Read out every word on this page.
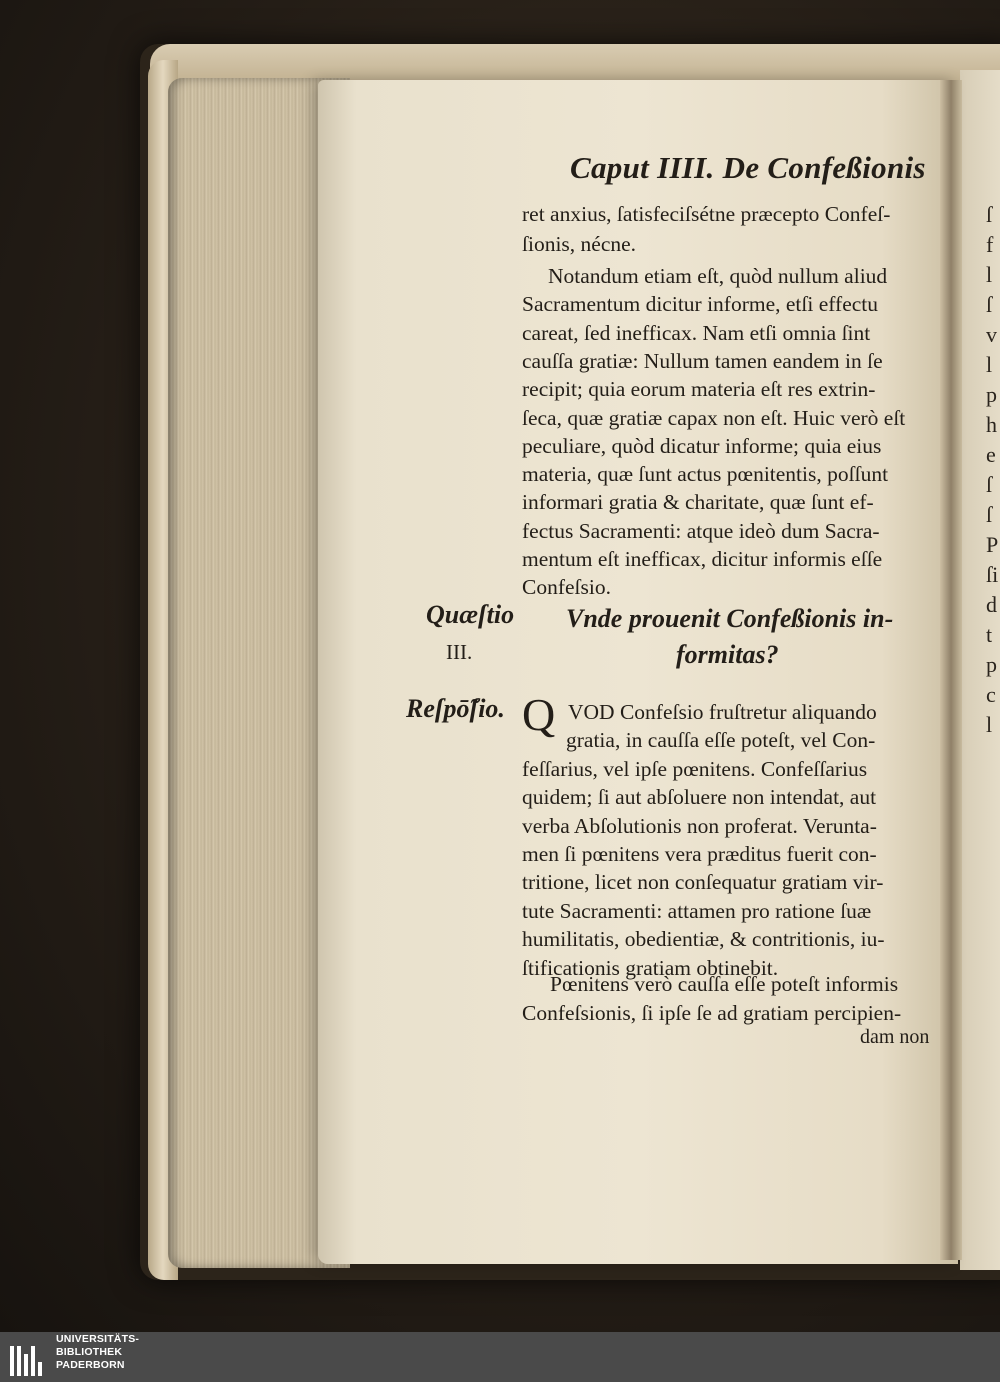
ſ
f
l
ſ
v
l
p
h
e
ſ
ſ
P
ſi
d
t
p
c
l
Caput IIII. De Confeßionis
ret anxius, ſatisfeciſsétne præcepto Confeſ-
ſionis, nécne.
Notandum etiam eſt, quòd nullum aliud
Sacramentum dicitur informe, etſi effectu
careat, ſed inefficax. Nam etſi omnia ſint
cauſſa gratiæ: Nullum tamen eandem in ſe
recipit; quia eorum materia eſt res extrin-
ſeca, quæ gratiæ capax non eſt. Huic verò eſt
peculiare, quòd dicatur informe; quia eius
materia, quæ ſunt actus pœnitentis, poſſunt
informari gratia & charitate, quæ ſunt ef-
fectus Sacramenti: atque ideò dum Sacra-
mentum eſt inefficax, dicitur informis eſſe
Confeſsio.
Quæſtio
III.
Vnde prouenit Confeßionis in-
formitas?
Reſpō̃ſio. Q VOD Confeſsio fruſtretur aliquando
gratia, in cauſſa eſſe poteſt, vel Con-
feſſarius, vel ipſe pœnitens. Confeſſarius
quidem; ſi aut abſoluere non intendat, aut
verba Abſolutionis non proferat. Verunta-
men ſi pœnitens vera præditus fuerit con-
tritione, licet non conſequatur gratiam vir-
tute Sacramenti: attamen pro ratione ſuæ
humilitatis, obedientiæ, & contritionis, iu-
ſtificationis gratiam obtinebit.
Pœnitens verò cauſſa eſſe poteſt informis
Confeſsionis, ſi ipſe ſe ad gratiam percipien-
dam non
UNIVERSITÄTS-
BIBLIOTHEK
PADERBORN
